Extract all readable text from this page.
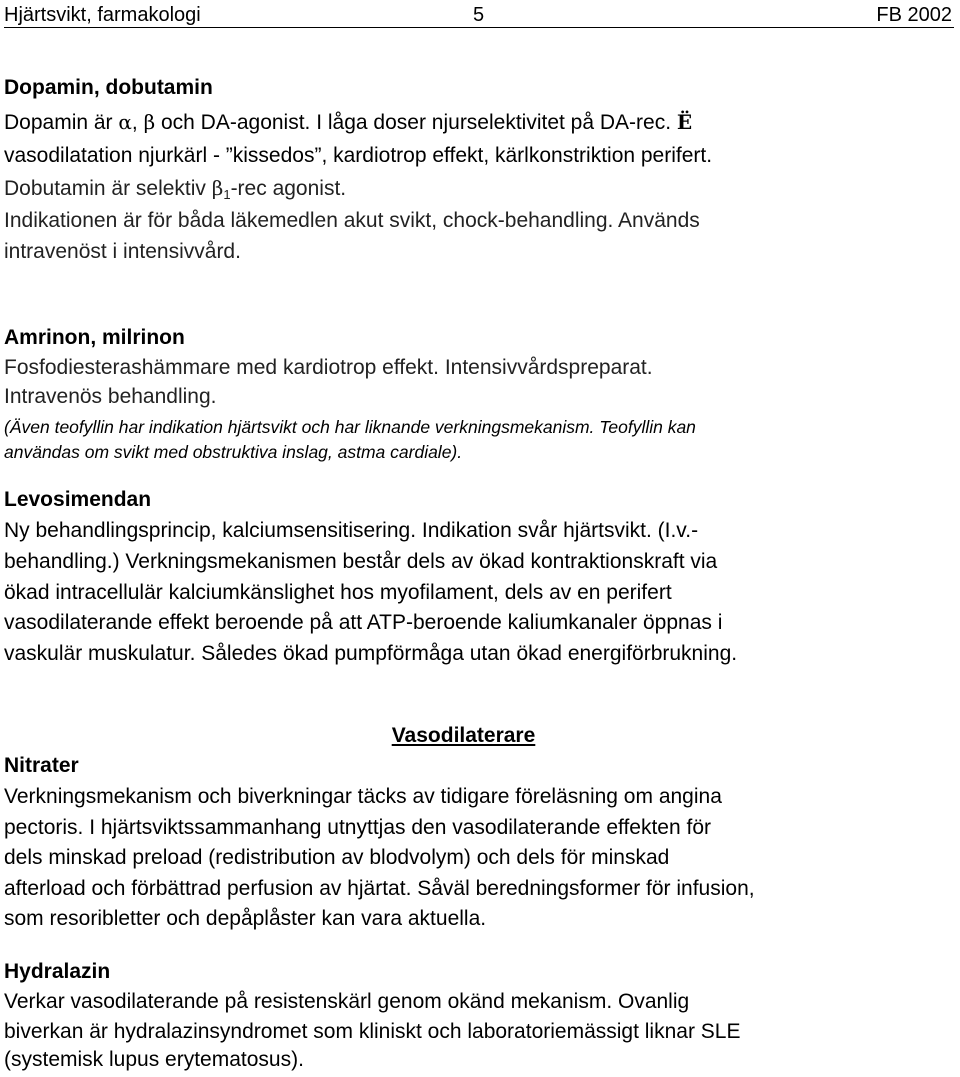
Hjärtsvikt, farmakologi	5	FB 2002
Dopamin, dobutamin
Dopamin är α, β och DA-agonist. I låga doser njurselektivitet på DA-rec. Ë
vasodilatation njurkärl - ”kissedos”, kardiotrop effekt, kärlkonstriktion perifert.
Dobutamin är selektiv $\beta_1$-rec agonist.
Indikationen är för båda läkemedlen akut svikt, chock-behandling. Används
intravenöst i intensivvård.
Amrinon, milrinon
Fosfodiesterashämmare med kardiotrop effekt. Intensivvårdspreparat.
Intravenös behandling.
(Även teofyllin har indikation hjärtsvikt och har liknande verkningsmekanism. Teofyllin kan
användas om svikt med obstruktiva inslag, astma cardiale).
Levosimendan
Ny behandlingsprincip, kalciumsensitisering. Indikation svår hjärtsvikt. (I.v.-
behandling.) Verkningsmekanismen består dels av ökad kontraktionskraft via
ökad intracellulär kalciumkänslighet hos myofilament, dels av en perifert
vasodilaterande effekt beroende på att ATP-beroende kaliumkanaler öppnas i
vaskulär muskulatur. Således ökad pumpförmåga utan ökad energiförbrukning.
Vasodilaterare
Nitrater
Verkningsmekanism och biverkningar täcks av tidigare föreläsning om angina
pectoris. I hjärtsviktssammanhang utnyttjas den vasodilaterande effekten för
dels minskad preload (redistribution av blodvolym) och dels för minskad
afterload och förbättrad perfusion av hjärtat. Såväl beredningsformer för infusion,
som resoribletter och depåplåster kan vara aktuella.
Hydralazin
Verkar vasodilaterande på resistenskärl genom okänd mekanism. Ovanlig
biverkan är hydralazinsyndromet som kliniskt och laboratoriemässigt liknar SLE
(systemisk lupus erytematosus).
